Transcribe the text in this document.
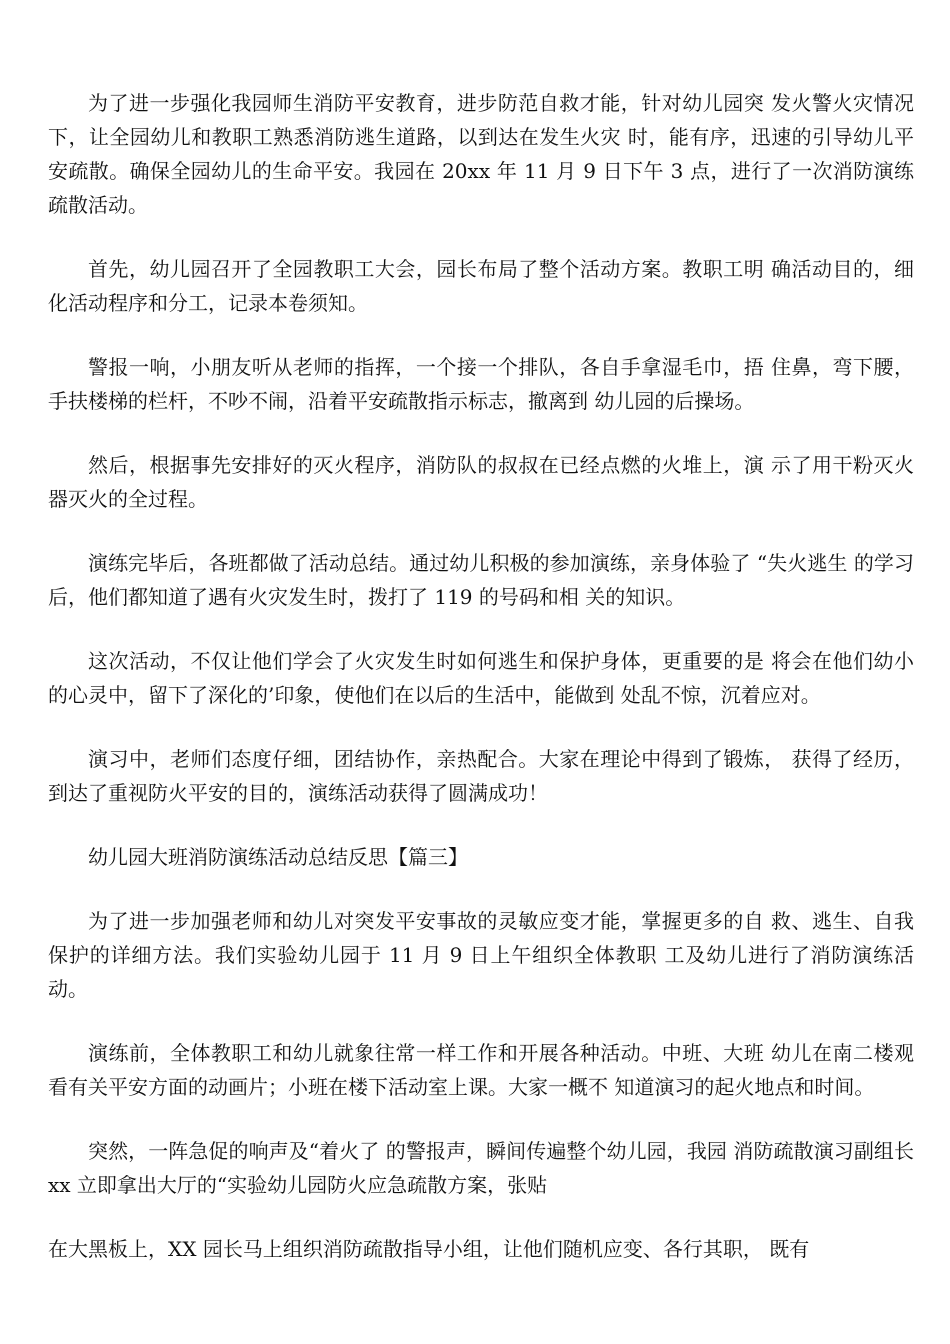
为了进一步强化我园师生消防平安教育，进步防范自救才能，针对幼儿园突 发火警火灾情况下，让全园幼儿和教职工熟悉消防逃生道路，以到达在发生火灾 时，能有序，迅速的引导幼儿平安疏散。确保全园幼儿的生命平安。我园在 20xx 年 11 月 9 日下午 3 点，进行了一次消防演练疏散活动。

首先，幼儿园召开了全园教职工大会，园长布局了整个活动方案。教职工明 确活动目的，细化活动程序和分工，记录本卷须知。

警报一响，小朋友听从老师的指挥，一个接一个排队，各自手拿湿毛巾，捂 住鼻，弯下腰，手扶楼梯的栏杆，不吵不闹，沿着平安疏散指示标志，撤离到 幼儿园的后操场。

然后，根据事先安排好的灭火程序，消防队的叔叔在已经点燃的火堆上，演 示了用干粉灭火器灭火的全过程。

演练完毕后，各班都做了活动总结。通过幼儿积极的参加演练，亲身体验了 “失火逃生 的学习后，他们都知道了遇有火灾发生时，拨打了 119 的号码和相 关的知识。

这次活动，不仅让他们学会了火灾发生时如何逃生和保护身体，更重要的是 将会在他们幼小的心灵中，留下了深化的’印象，使他们在以后的生活中，能做到 处乱不惊，沉着应对。

演习中，老师们态度仔细，团结协作，亲热配合。大家在理论中得到了锻炼， 获得了经历，到达了重视防火平安的目的，演练活动获得了圆满成功！

幼儿园大班消防演练活动总结反思【篇三】

为了进一步加强老师和幼儿对突发平安事故的灵敏应变才能，掌握更多的自 救、逃生、自我保护的详细方法。我们实验幼儿园于 11 月 9 日上午组织全体教职 工及幼儿进行了消防演练活动。

演练前，全体教职工和幼儿就象往常一样工作和开展各种活动。中班、大班 幼儿在南二楼观看有关平安方面的动画片；小班在楼下活动室上课。大家一概不 知道演习的起火地点和时间。

突然，一阵急促的响声及“着火了 的警报声，瞬间传遍整个幼儿园，我园 消防疏散演习副组长 xx 立即拿出大厅的“实验幼儿园防火应急疏散方案，张贴

在大黑板上，XX 园长马上组织消防疏散指导小组，让他们随机应变、各行其职， 既有
